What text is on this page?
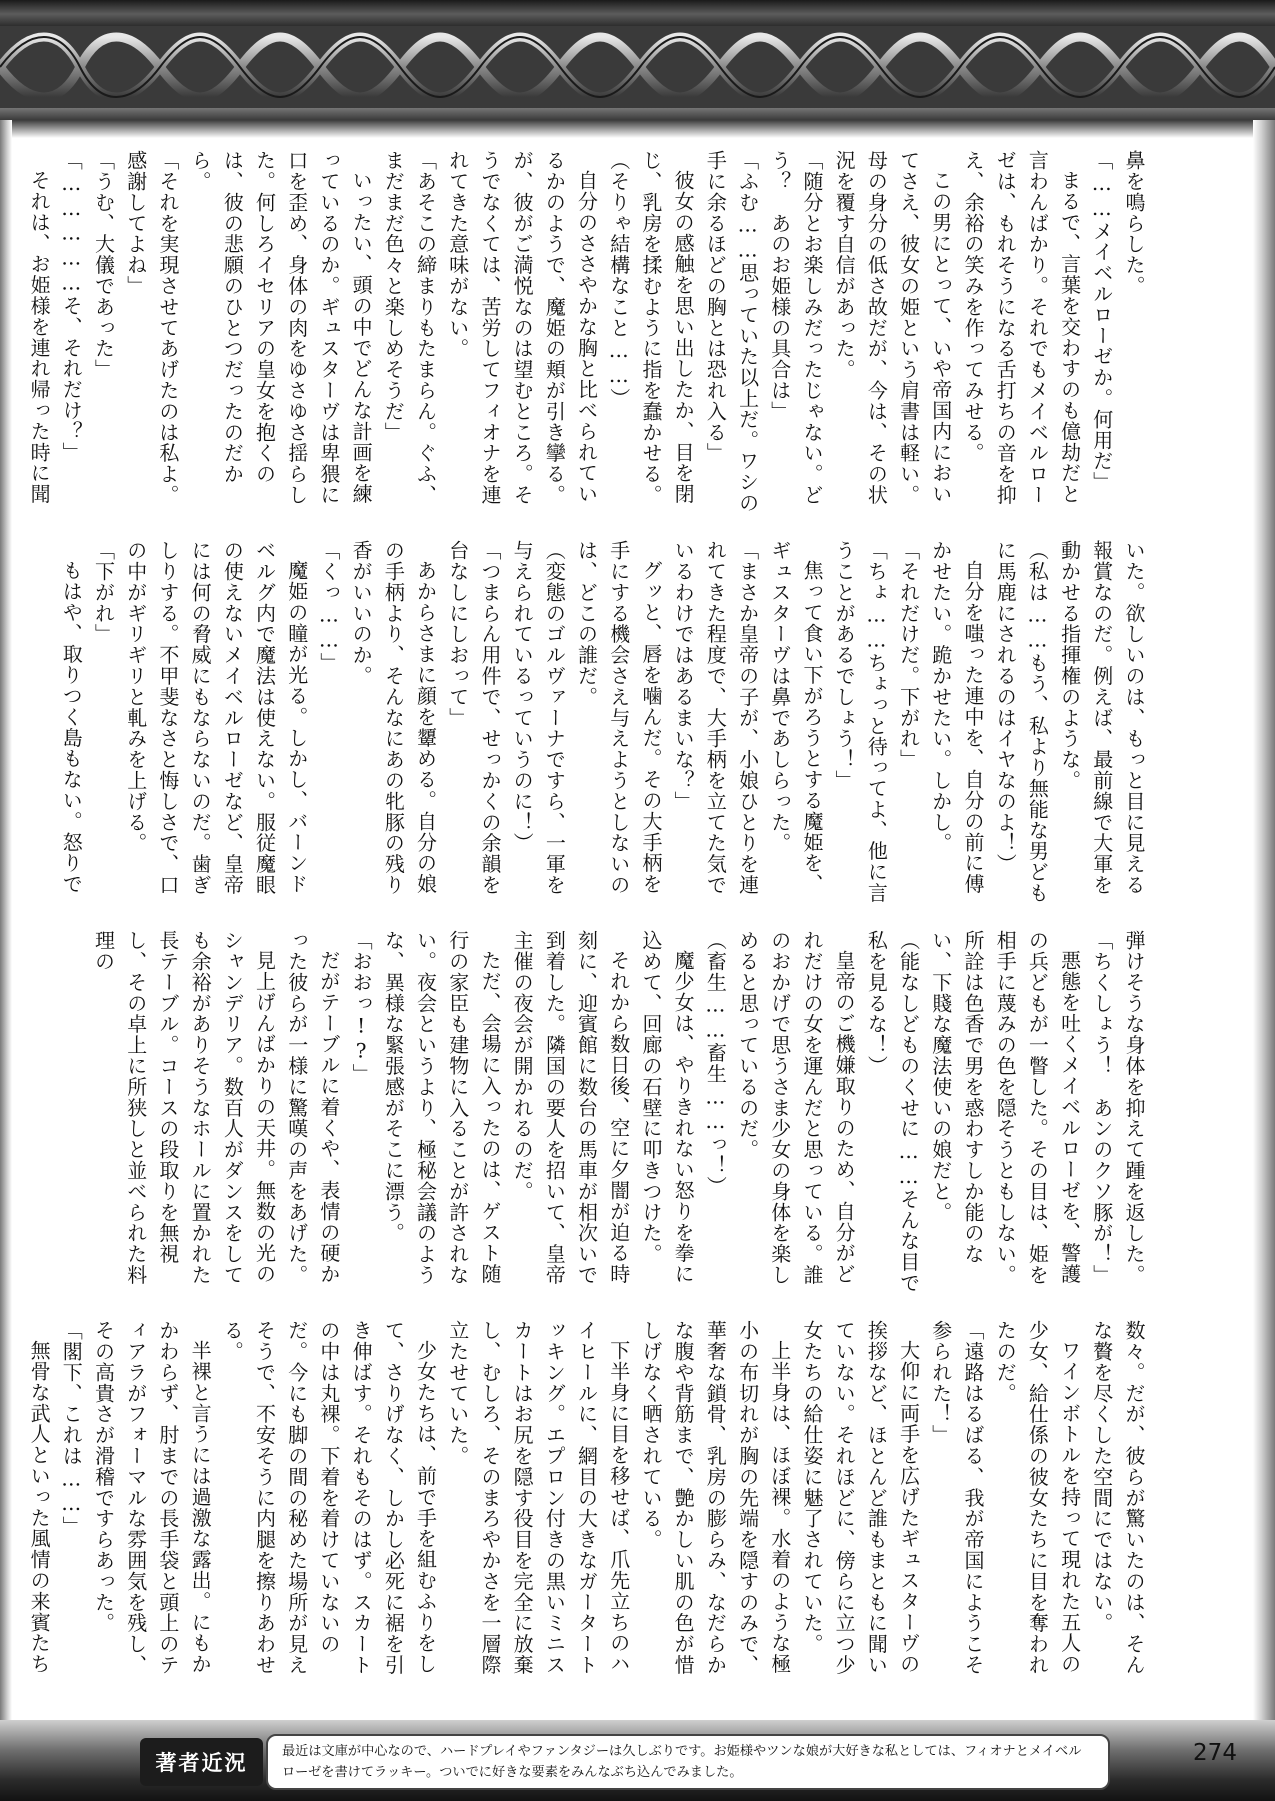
鼻を鳴らした。

「……メイベルローゼか。何用だ」

まるで、言葉を交わすのも億劫だと言わんばかり。それでもメイベルローゼは、もれそうになる舌打ちの音を抑え、余裕の笑みを作ってみせる。

この男にとって、いや帝国内においてさえ、彼女の姫という肩書は軽い。母の身分の低さ故だが、今は、その状況を覆す自信があった。

「随分とお楽しみだったじゃない。どう？　あのお姫様の具合は」

「ふむ……思っていた以上だ。ワシの手に余るほどの胸とは恐れ入る」

彼女の感触を思い出したか、目を閉じ、乳房を揉むように指を蠢かせる。

（そりゃ結構なこと……）

自分のささやかな胸と比べられているかのようで、魔姫の頬が引き攣る。が、彼がご満悦なのは望むところ。そうでなくては、苦労してフィオナを連れてきた意味がない。

「あそこの締まりもたまらん。ぐふ、まだまだ色々と楽しめそうだ」

いったい、頭の中でどんな計画を練っているのか。ギュスターヴは卑猥に口を歪め、身体の肉をゆさゆさ揺らした。何しろイセリアの皇女を抱くのは、彼の悲願のひとつだったのだから。

「それを実現させてあげたのは私よ。感謝してよね」

「うむ、大儀であった」

「……………そ、それだけ？」

それは、お姫様を連れ帰った時に聞

いた。欲しいのは、もっと目に見える報賞なのだ。例えば、最前線で大軍を動かせる指揮権のような。

（私は……もう、私より無能な男どもに馬鹿にされるのはイヤなのよ！）

自分を嗤った連中を、自分の前に傅かせたい。跪かせたい。しかし。

「それだけだ。下がれ」

「ちょ……ちょっと待ってよ、他に言うことがあるでしょう！」

焦って食い下がろうとする魔姫を、ギュスターヴは鼻であしらった。

「まさか皇帝の子が、小娘ひとりを連れてきた程度で、大手柄を立てた気でいるわけではあるまいな？」

グッと、唇を噛んだ。その大手柄を手にする機会さえ与えようとしないのは、どこの誰だ。

（変態のゴルヴァーナですら、一軍を与えられているっていうのに！）

「つまらん用件で、せっかくの余韻を台なしにしおって」

あからさまに顔を顰める。自分の娘の手柄より、そんなにあの牝豚の残り香がいいのか。

「くっ……」

魔姫の瞳が光る。しかし、バーンドベルグ内で魔法は使えない。服従魔眼の使えないメイベルローゼなど、皇帝には何の脅威にもならないのだ。歯ぎしりする。不甲斐なさと悔しさで、口の中がギリギリと軋みを上げる。

「下がれ」

もはや、取りつく島もない。怒りで

弾けそうな身体を抑えて踵を返した。

「ちくしょう！　あンのクソ豚が！」

悪態を吐くメイベルローゼを、警護の兵どもが一瞥した。その目は、姫を相手に蔑みの色を隠そうともしない。所詮は色香で男を惑わすしか能のない、下賤な魔法使いの娘だと。

（能なしどものくせに……そんな目で私を見るな！）

皇帝のご機嫌取りのため、自分がどれだけの女を運んだと思っている。誰のおかげで思うさま少女の身体を楽しめると思っているのだ。

（畜生……畜生……っ！）

魔少女は、やりきれない怒りを拳に込めて、回廊の石壁に叩きつけた。

それから数日後、空に夕闇が迫る時刻に、迎賓館に数台の馬車が相次いで到着した。隣国の要人を招いて、皇帝主催の夜会が開かれるのだ。

ただ、会場に入ったのは、ゲスト随行の家臣も建物に入ることが許されない。夜会というより、極秘会議のような、異様な緊張感がそこに漂う。

「おおっ!?」

だがテーブルに着くや、表情の硬かった彼らが一様に驚嘆の声をあげた。

見上げんばかりの天井。無数の光のシャンデリア。数百人がダンスをしても余裕がありそうなホールに置かれた長テーブル。コースの段取りを無視し、その卓上に所狭しと並べられた料理の

数々。だが、彼らが驚いたのは、そんな贅を尽くした空間にではない。

ワインボトルを持って現れた五人の少女、給仕係の彼女たちに目を奪われたのだ。

「遠路はるばる、我が帝国にようこそ参られた！」

大仰に両手を広げたギュスターヴの挨拶など、ほとんど誰もまともに聞いていない。それほどに、傍らに立つ少女たちの給仕姿に魅了されていた。

上半身は、ほぼ裸。水着のような極小の布切れが胸の先端を隠すのみで、華奢な鎖骨、乳房の膨らみ、なだらかな腹や背筋まで、艶かしい肌の色が惜しげなく晒されている。

下半身に目を移せば、爪先立ちのハイヒールに、網目の大きなガータートッキング。エプロン付きの黒いミニスカートはお尻を隠す役目を完全に放棄し、むしろ、そのまろやかさを一層際立たせていた。

少女たちは、前で手を組むふりをして、さりげなく、しかし必死に裾を引き伸ばす。それもそのはず。スカートの中は丸裸。下着を着けていないのだ。今にも脚の間の秘めた場所が見えそうで、不安そうに内腿を擦りあわせる。

半裸と言うには過激な露出。にもかかわらず、肘までの長手袋と頭上のティアラがフォーマルな雰囲気を残し、その高貴さが滑稽ですらあった。

「閣下、これは……」

無骨な武人といった風情の来賓たち

著者近況	最近は文庫が中心なので、ハードプレイやファンタジーは久しぶりです。お姫様やツンな娘が大好きな私としては、フィオナとメイベルローゼを書けてラッキー。ついでに好きな要素をみんなぶち込んでみました。
274
